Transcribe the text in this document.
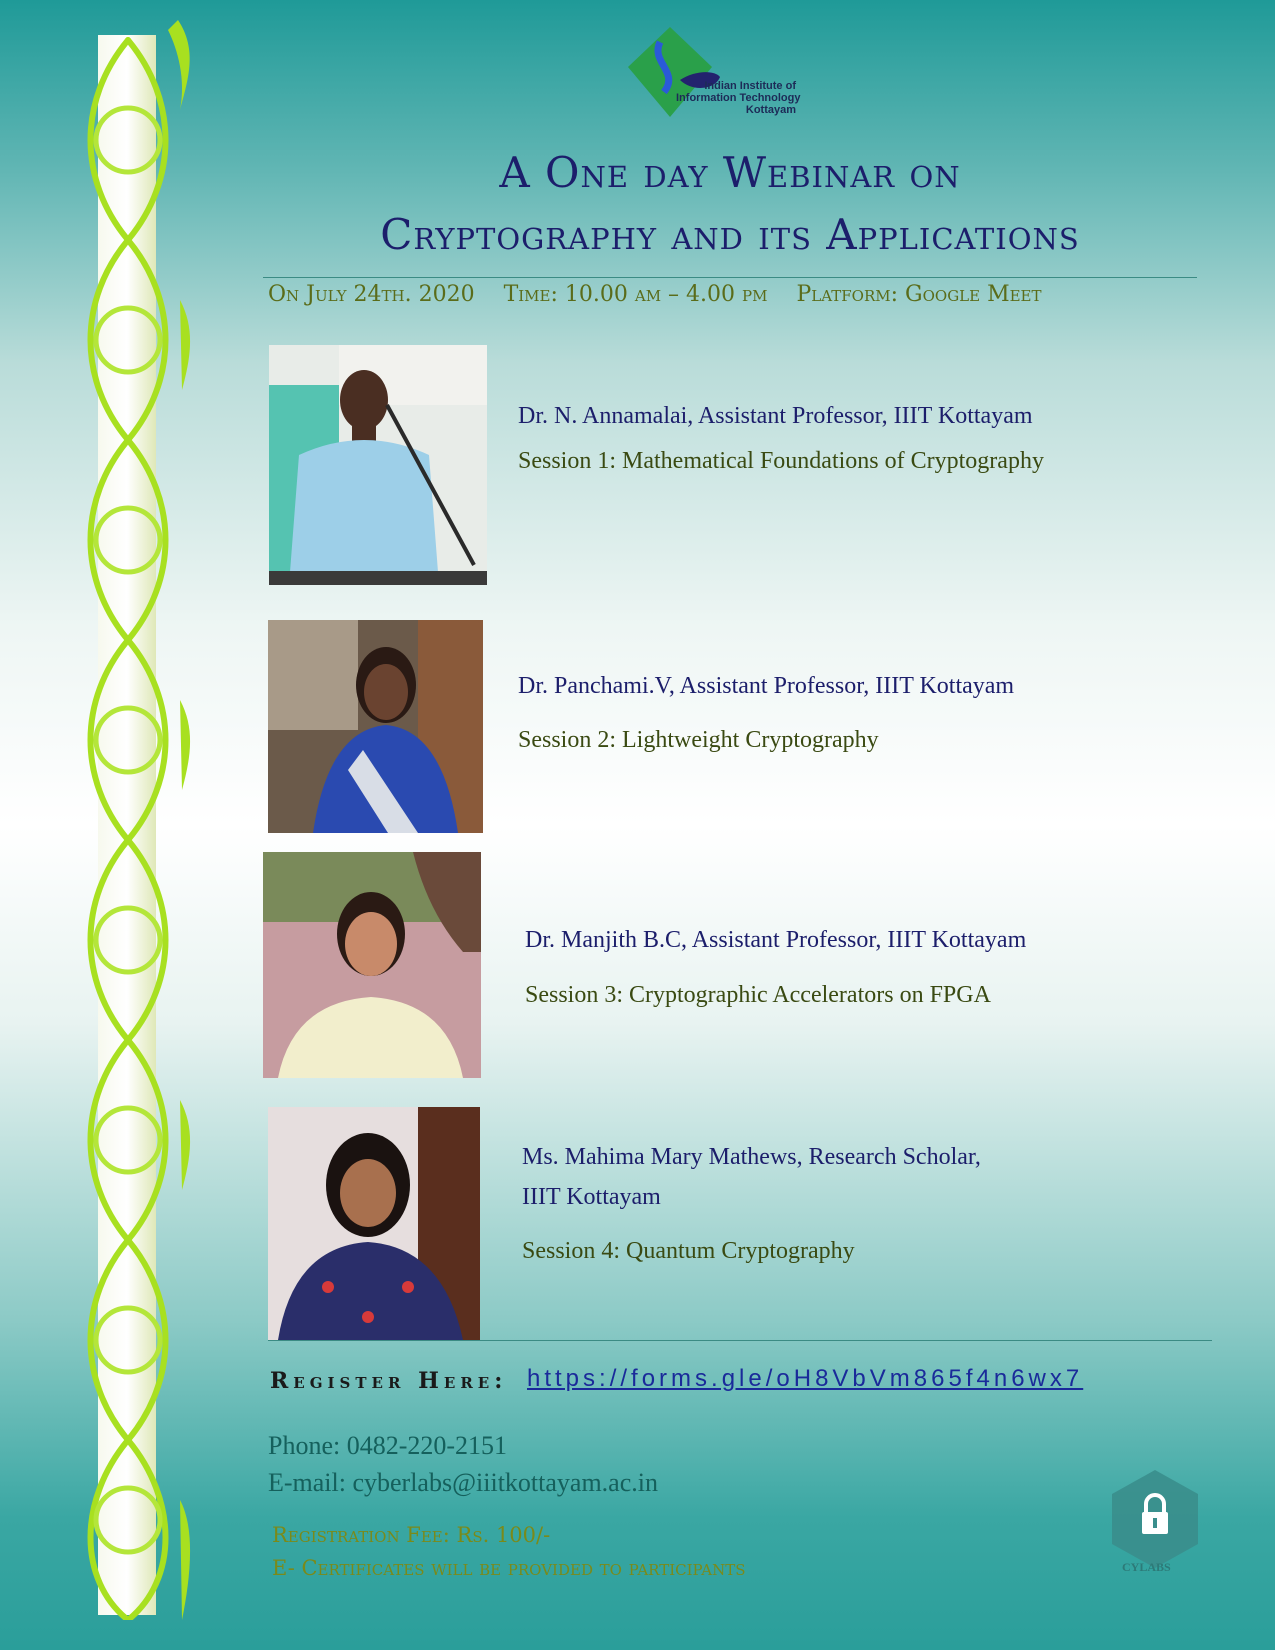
Indian Institute of
Information Technology
Kottayam
A One day Webinar on
Cryptography and its Applications
On July 24th. 2020 Time: 10.00 am – 4.00 pm Platform: Google Meet
Dr. N. Annamalai, Assistant Professor, IIIT Kottayam
Session 1: Mathematical Foundations of Cryptography
Dr. Panchami.V, Assistant Professor, IIIT Kottayam
Session 2: Lightweight Cryptography
Dr. Manjith B.C, Assistant Professor, IIIT Kottayam
Session 3: Cryptographic Accelerators on FPGA
Ms. Mahima Mary Mathews, Research Scholar,
IIIT Kottayam
Session 4: Quantum Cryptography
Register Here: https://forms.gle/oH8VbVm865f4n6wx7
Phone: 0482-220-2151
E-mail: cyberlabs@iiitkottayam.ac.in
Registration Fee: Rs. 100/-
E- Certificates will be provided to participants	CYLABS
